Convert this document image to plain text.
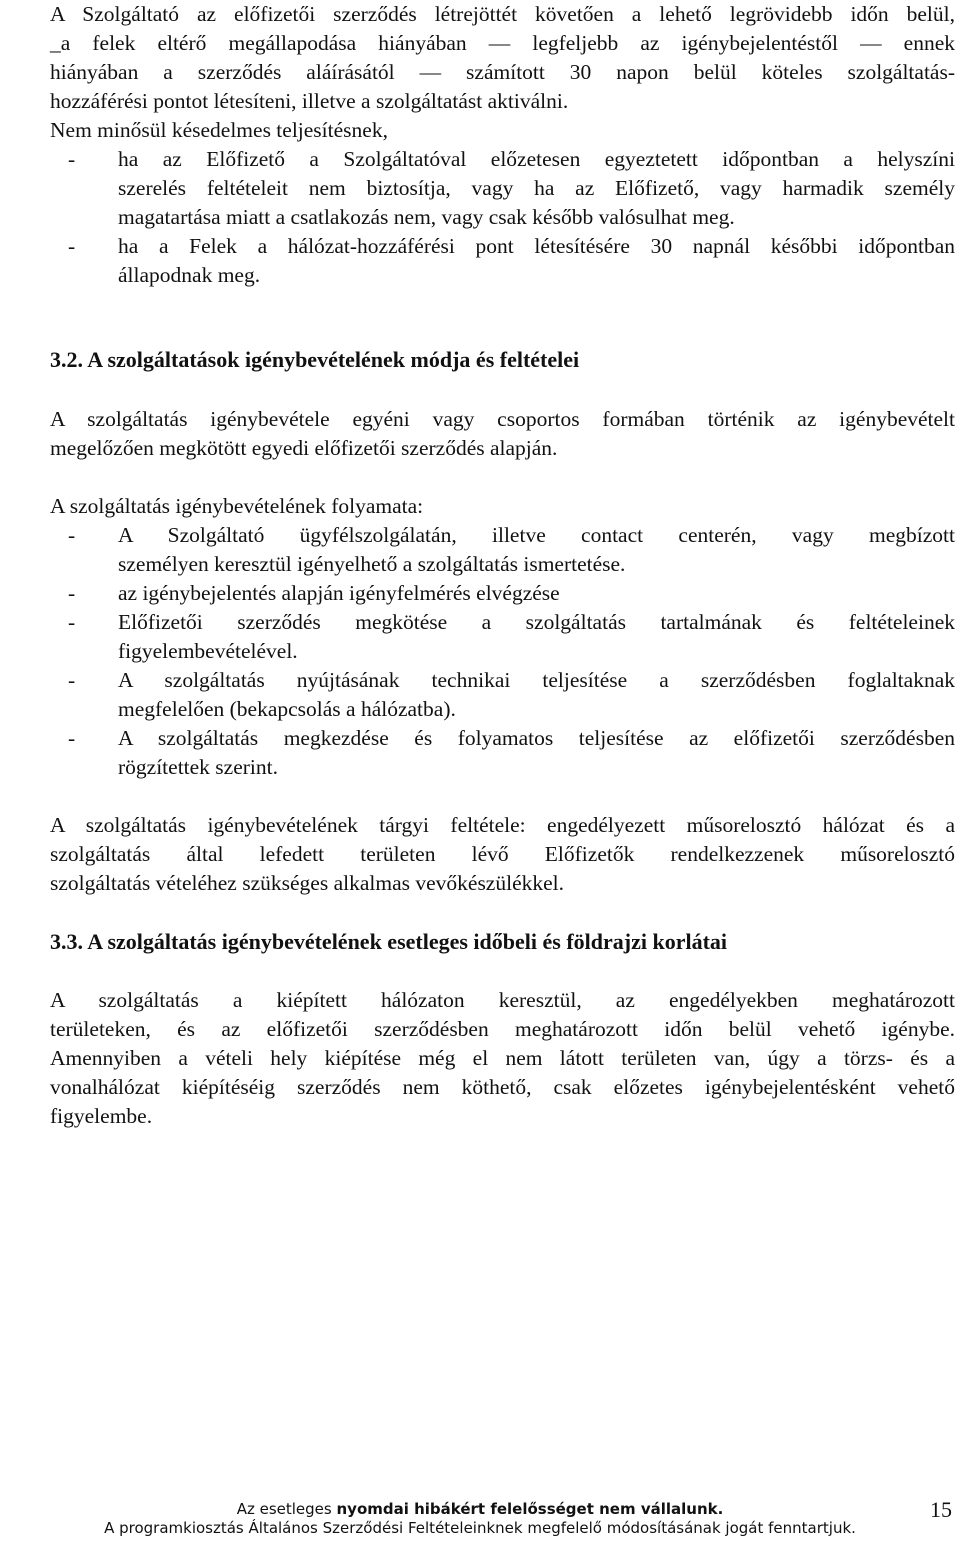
A Szolgáltató az előfizetői szerződés létrejöttét követően a lehető legrövidebb időn belül,
_a felek eltérő megállapodása hiányában — legfeljebb az igénybejelentéstől — ennek
hiányában a szerződés aláírásától — számított 30 napon belül köteles szolgáltatás-
hozzáférési pontot létesíteni, illetve a szolgáltatást aktiválni.
Nem minősül késedelmes teljesítésnek,
- ha az Előfizető a Szolgáltatóval előzetesen egyeztetett időpontban a helyszíni
szerelés feltételeit nem biztosítja, vagy ha az Előfizető, vagy harmadik személy
magatartása miatt a csatlakozás nem, vagy csak később valósulhat meg.
- ha a Felek a hálózat-hozzáférési pont létesítésére 30 napnál későbbi időpontban
állapodnak meg.
3.2. A szolgáltatások igénybevételének módja és feltételei
A szolgáltatás igénybevétele egyéni vagy csoportos formában történik az igénybevételt
megelőzően megkötött egyedi előfizetői szerződés alapján.
A szolgáltatás igénybevételének folyamata:
- A Szolgáltató ügyfélszolgálatán, illetve contact centerén, vagy megbízott
személyen keresztül igényelhető a szolgáltatás ismertetése.
- az igénybejelentés alapján igényfelmérés elvégzése
- Előfizetői szerződés megkötése a szolgáltatás tartalmának és feltételeinek
figyelembevételével.
- A szolgáltatás nyújtásának technikai teljesítése a szerződésben foglaltaknak
megfelelően (bekapcsolás a hálózatba).
- A szolgáltatás megkezdése és folyamatos teljesítése az előfizetői szerződésben
rögzítettek szerint.
A szolgáltatás igénybevételének tárgyi feltétele: engedélyezett műsorelosztó hálózat és a
szolgáltatás által lefedett területen lévő Előfizetők rendelkezzenek műsorelosztó
szolgáltatás vételéhez szükséges alkalmas vevőkészülékkel.
3.3. A szolgáltatás igénybevételének esetleges időbeli és földrajzi korlátai
A szolgáltatás a kiépített hálózaton keresztül, az engedélyekben meghatározott
területeken, és az előfizetői szerződésben meghatározott időn belül vehető igénybe.
Amennyiben a vételi hely kiépítése még el nem látott területen van, úgy a törzs- és a
vonalhálózat kiépítéséig szerződés nem köthető, csak előzetes igénybejelentésként vehető
figyelembe.
Az esetleges nyomdai hibákért felelősséget nem vállalunk.
A programkiosztás Általános Szerződési Feltételeinknek megfelelő módosításának jogát fenntartjuk.
15
